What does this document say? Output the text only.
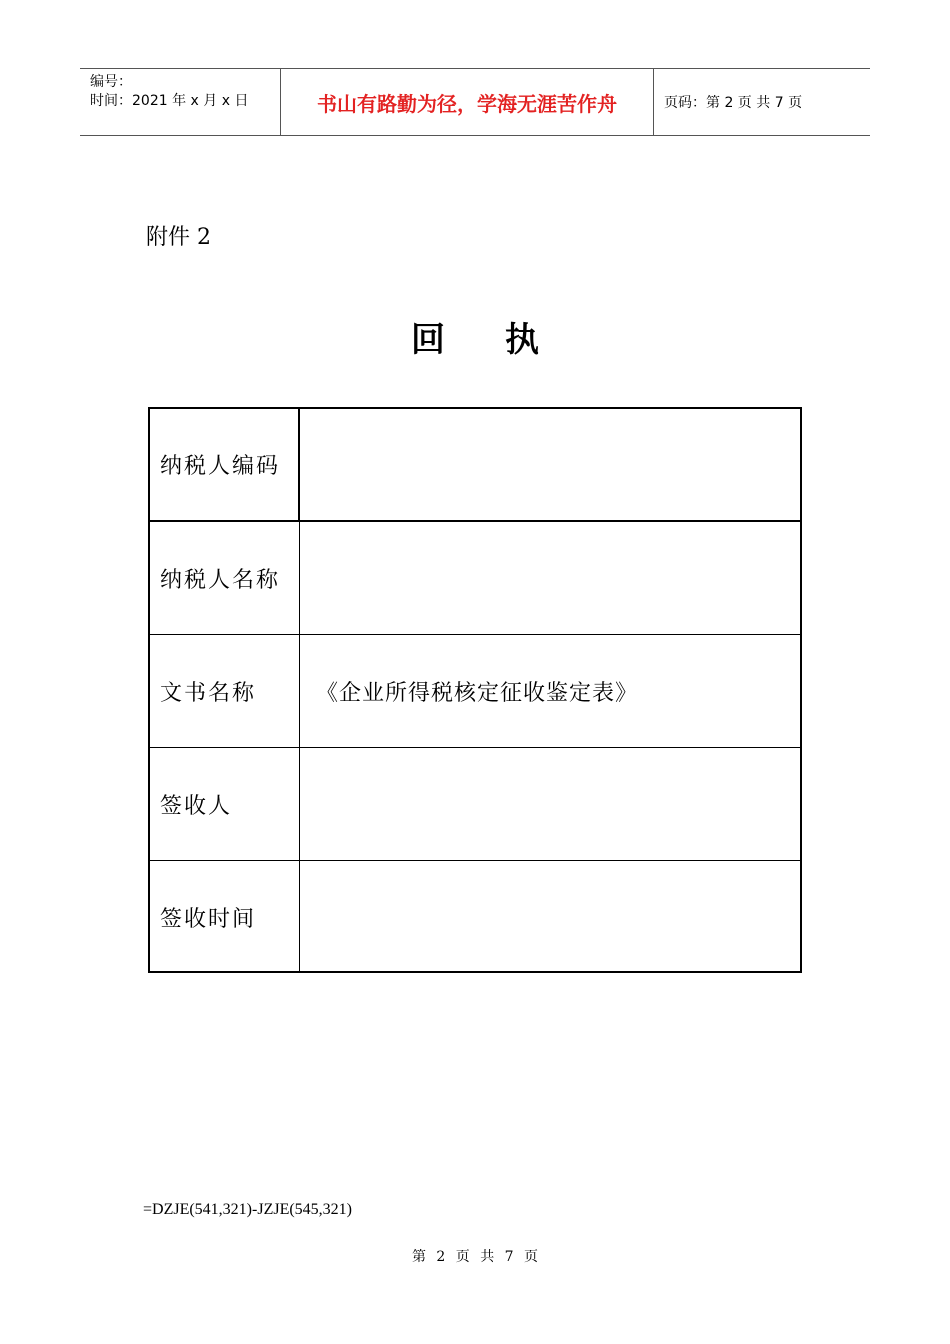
编号：
时间：2021 年 x 月 x 日	书山有路勤为径，学海无涯苦作舟	页码：第 2 页 共 7 页
附件 2
回执
纳税人编码
纳税人名称
文书名称	《企业所得税核定征收鉴定表》
签收人
签收时间
=DZJE(541,321)-JZJE(545,321)
第 2 页 共 7 页
